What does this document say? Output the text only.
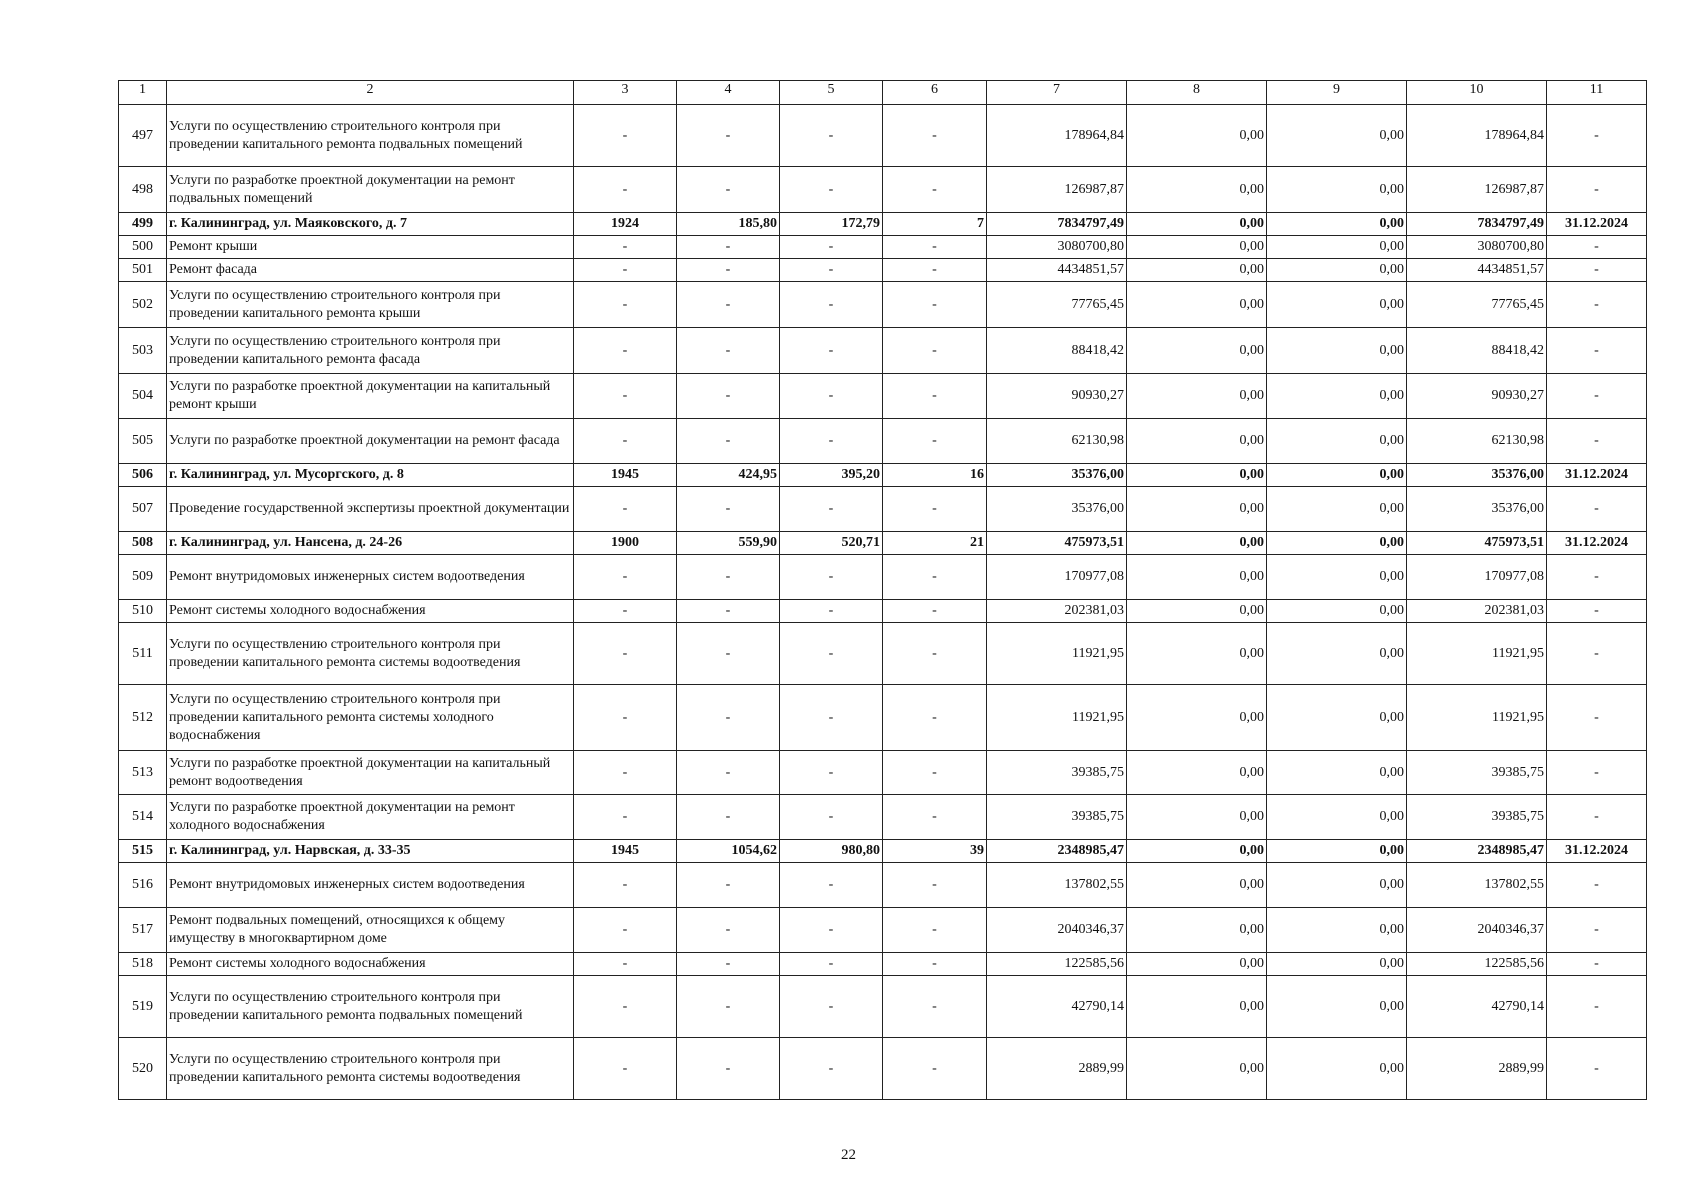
1	2	3	4	5	6	7	8	9	10	11
497	Услуги по осуществлению строительного контроля при проведении капитального ремонта подвальных помещений	-	-	-	-	178964,84	0,00	0,00	178964,84	-
498	Услуги по разработке проектной документации на ремонт подвальных помещений	-	-	-	-	126987,87	0,00	0,00	126987,87	-
499	г. Калининград, ул. Маяковского, д. 7	1924	185,80	172,79	7	7834797,49	0,00	0,00	7834797,49	31.12.2024
500	Ремонт крыши	-	-	-	-	3080700,80	0,00	0,00	3080700,80	-
501	Ремонт фасада	-	-	-	-	4434851,57	0,00	0,00	4434851,57	-
502	Услуги по осуществлению строительного контроля при проведении капитального ремонта крыши	-	-	-	-	77765,45	0,00	0,00	77765,45	-
503	Услуги по осуществлению строительного контроля при проведении капитального ремонта фасада	-	-	-	-	88418,42	0,00	0,00	88418,42	-
504	Услуги по разработке проектной документации на капитальный ремонт крыши	-	-	-	-	90930,27	0,00	0,00	90930,27	-
505	Услуги по разработке проектной документации на ремонт фасада	-	-	-	-	62130,98	0,00	0,00	62130,98	-
506	г. Калининград, ул. Мусоргского, д. 8	1945	424,95	395,20	16	35376,00	0,00	0,00	35376,00	31.12.2024
507	Проведение государственной экспертизы проектной документации	-	-	-	-	35376,00	0,00	0,00	35376,00	-
508	г. Калининград, ул. Нансена, д. 24-26	1900	559,90	520,71	21	475973,51	0,00	0,00	475973,51	31.12.2024
509	Ремонт внутридомовых инженерных систем водоотведения	-	-	-	-	170977,08	0,00	0,00	170977,08	-
510	Ремонт системы холодного водоснабжения	-	-	-	-	202381,03	0,00	0,00	202381,03	-
511	Услуги по осуществлению строительного контроля при проведении капитального ремонта системы водоотведения	-	-	-	-	11921,95	0,00	0,00	11921,95	-
512	Услуги по осуществлению строительного контроля при проведении капитального ремонта системы холодного водоснабжения	-	-	-	-	11921,95	0,00	0,00	11921,95	-
513	Услуги по разработке проектной документации на капитальный ремонт водоотведения	-	-	-	-	39385,75	0,00	0,00	39385,75	-
514	Услуги по разработке проектной документации на ремонт холодного водоснабжения	-	-	-	-	39385,75	0,00	0,00	39385,75	-
515	г. Калининград, ул. Нарвская, д. 33-35	1945	1054,62	980,80	39	2348985,47	0,00	0,00	2348985,47	31.12.2024
516	Ремонт внутридомовых инженерных систем водоотведения	-	-	-	-	137802,55	0,00	0,00	137802,55	-
517	Ремонт подвальных помещений, относящихся к общему имуществу в многоквартирном доме	-	-	-	-	2040346,37	0,00	0,00	2040346,37	-
518	Ремонт системы холодного водоснабжения	-	-	-	-	122585,56	0,00	0,00	122585,56	-
519	Услуги по осуществлению строительного контроля при проведении капитального ремонта подвальных помещений	-	-	-	-	42790,14	0,00	0,00	42790,14	-
520	Услуги по осуществлению строительного контроля при проведении капитального ремонта системы водоотведения	-	-	-	-	2889,99	0,00	0,00	2889,99	-
22
